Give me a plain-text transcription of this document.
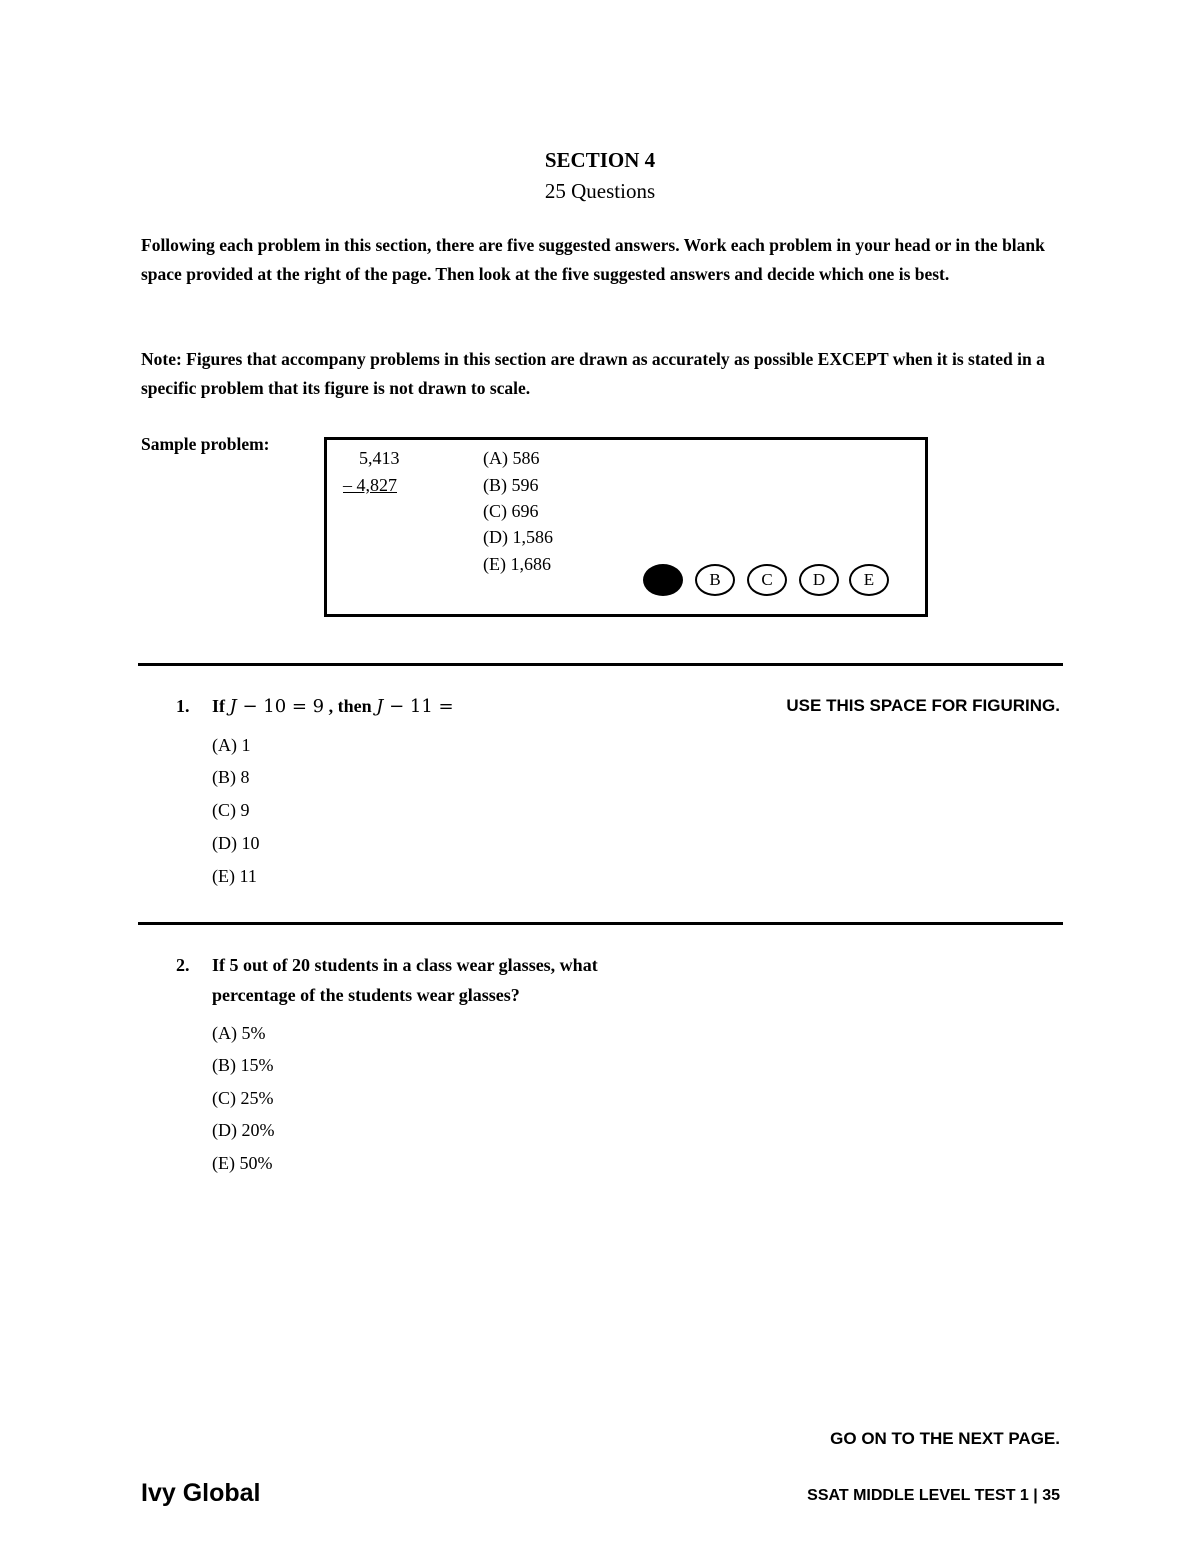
SECTION 4
25 Questions
Following each problem in this section, there are five suggested answers. Work each problem in your head or in the blank space provided at the right of the page. Then look at the five suggested answers and decide which one is best.
Note: Figures that accompany problems in this section are drawn as accurately as possible EXCEPT when it is stated in a specific problem that its figure is not drawn to scale.
Sample problem:
5,413
– 4,827
(A) 586
(B) 596
(C) 696
(D) 1,586
(E) 1,686
B	C	D	E
USE THIS SPACE FOR FIGURING.
1. If J − 10 = 9 , then J − 11 =
(A) 1
(B) 8
(C) 9
(D) 10
(E) 11
2. If 5 out of 20 students in a class wear glasses, what
percentage of the students wear glasses?
(A) 5%
(B) 15%
(C) 25%
(D) 20%
(E) 50%
GO ON TO THE NEXT PAGE.
Ivy Global	SSAT MIDDLE LEVEL TEST 1 | 35
